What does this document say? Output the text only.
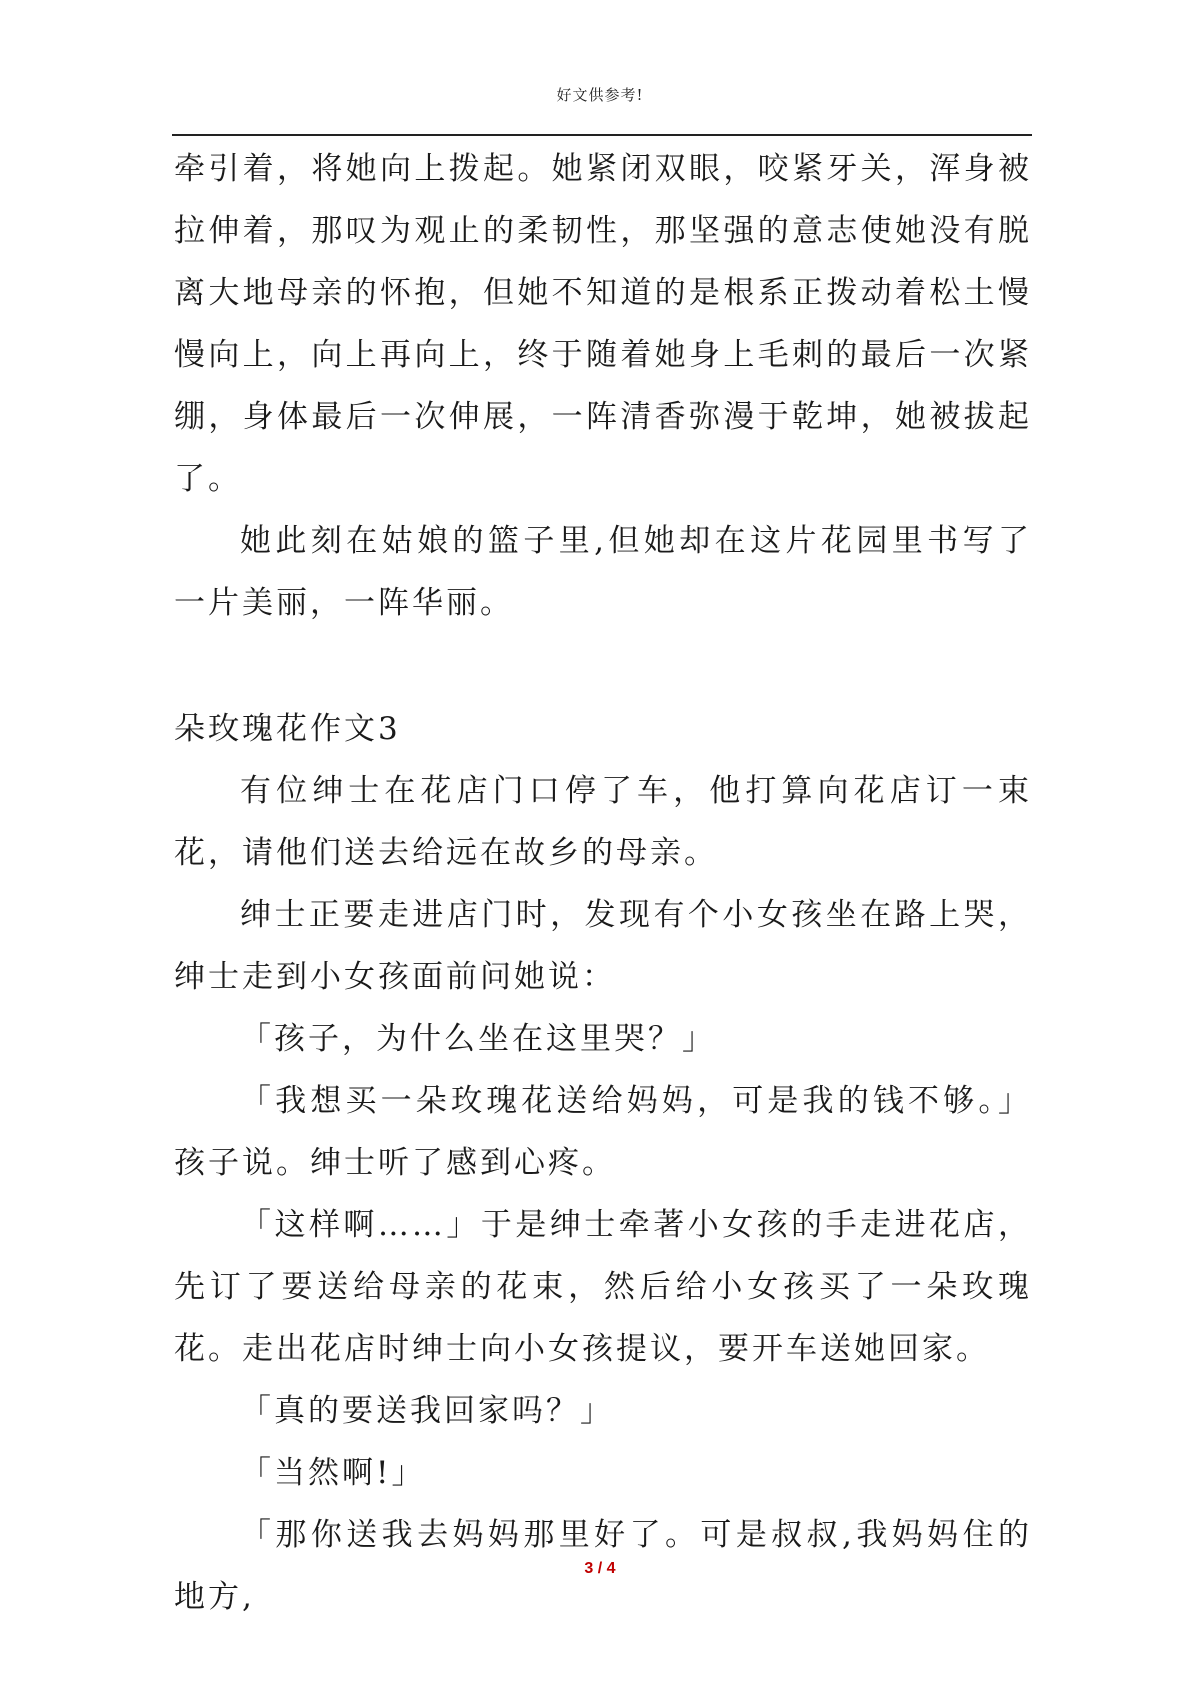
好文供参考!

牵引着，将她向上拨起。她紧闭双眼，咬紧牙关，浑身被拉伸着，那叹为观止的柔韧性，那坚强的意志使她没有脱离大地母亲的怀抱，但她不知道的是根系正拨动着松土慢慢向上，向上再向上，终于随着她身上毛刺的最后一次紧绷，身体最后一次伸展，一阵清香弥漫于乾坤，她被拔起了。

她此刻在姑娘的篮子里,但她却在这片花园里书写了一片美丽，一阵华丽。

朵玫瑰花作文3

有位绅士在花店门口停了车，他打算向花店订一束花，请他们送去给远在故乡的母亲。

绅士正要走进店门时，发现有个小女孩坐在路上哭，绅士走到小女孩面前问她说：

「孩子，为什么坐在这里哭？」

「我想买一朵玫瑰花送给妈妈，可是我的钱不够。」孩子说。绅士听了感到心疼。

「这样啊……」于是绅士牵著小女孩的手走进花店，先订了要送给母亲的花束，然后给小女孩买了一朵玫瑰花。走出花店时绅士向小女孩提议，要开车送她回家。

「真的要送我回家吗？」

「当然啊!」

「那你送我去妈妈那里好了。可是叔叔,我妈妈住的地方,

3 / 4
